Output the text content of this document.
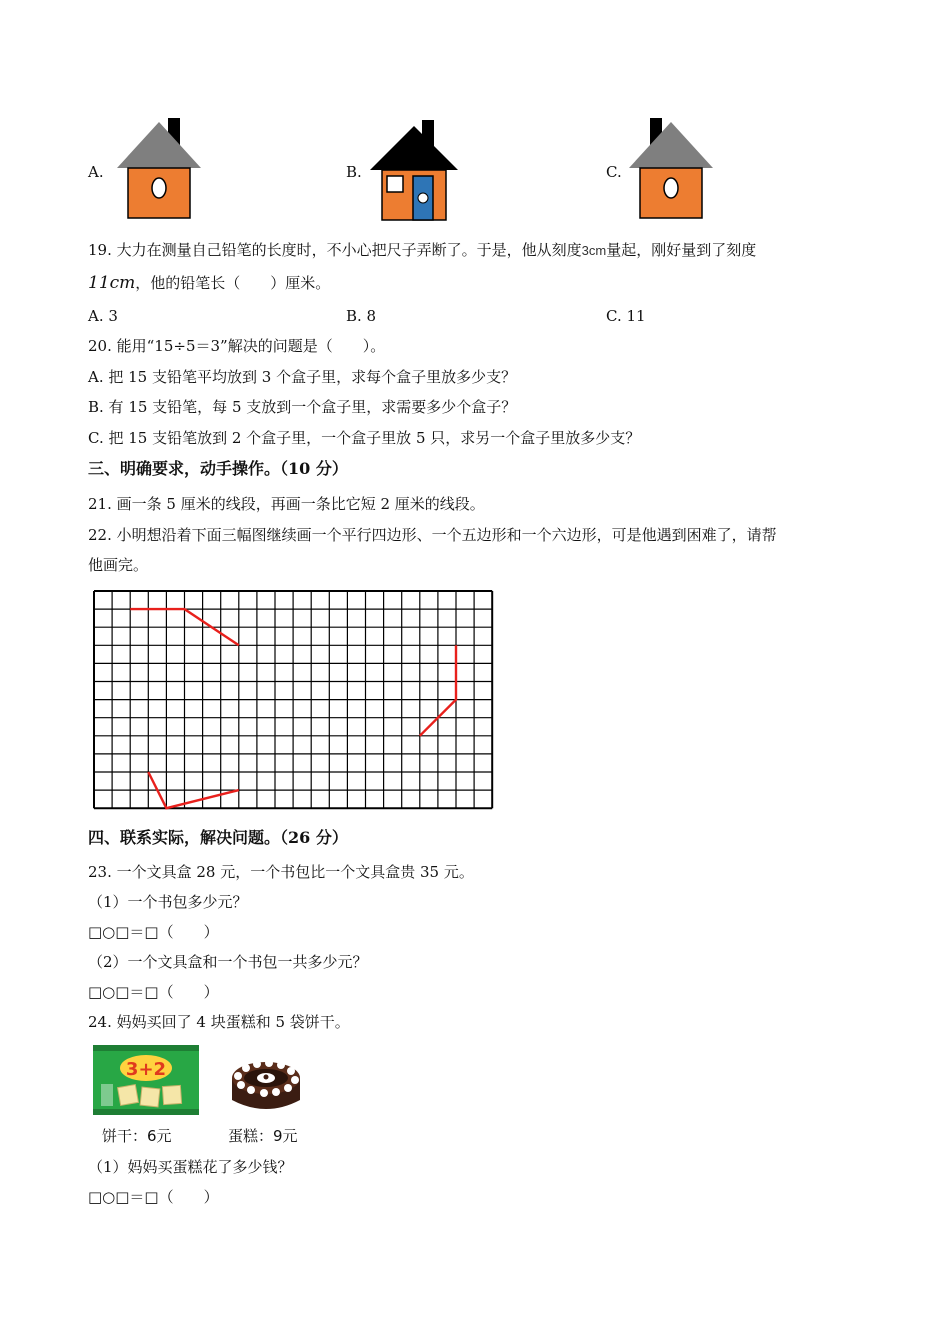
A.	B.	C.
19. 大力在测量自己铅笔的长度时，不小心把尺子弄断了。于是，他从刻度3cm量起，刚好量到了刻度
11cm，他的铅笔长（　　）厘米。
A. 3	B. 8	C. 11
20. 能用“15÷5＝3”解决的问题是（　　）。
A. 把 15 支铅笔平均放到 3 个盒子里，求每个盒子里放多少支？
B. 有 15 支铅笔，每 5 支放到一个盒子里，求需要多少个盒子？
C. 把 15 支铅笔放到 2 个盒子里，一个盒子里放 5 只，求另一个盒子里放多少支？
三、明确要求，动手操作。（10 分）
21. 画一条 5 厘米的线段，再画一条比它短 2 厘米的线段。
22. 小明想沿着下面三幅图继续画一个平行四边形、一个五边形和一个六边形，可是他遇到困难了，请帮
他画完。
四、联系实际，解决问题。（26 分）
23. 一个文具盒 28 元，一个书包比一个文具盒贵 35 元。
（1）一个书包多少元？
□○□＝□（　　）
（2）一个文具盒和一个书包一共多少元？
□○□＝□（　　）
24. 妈妈买回了 4 块蛋糕和 5 袋饼干。
3+2
饼干：6元	蛋糕：9元
（1）妈妈买蛋糕花了多少钱？
□○□＝□（　　）
